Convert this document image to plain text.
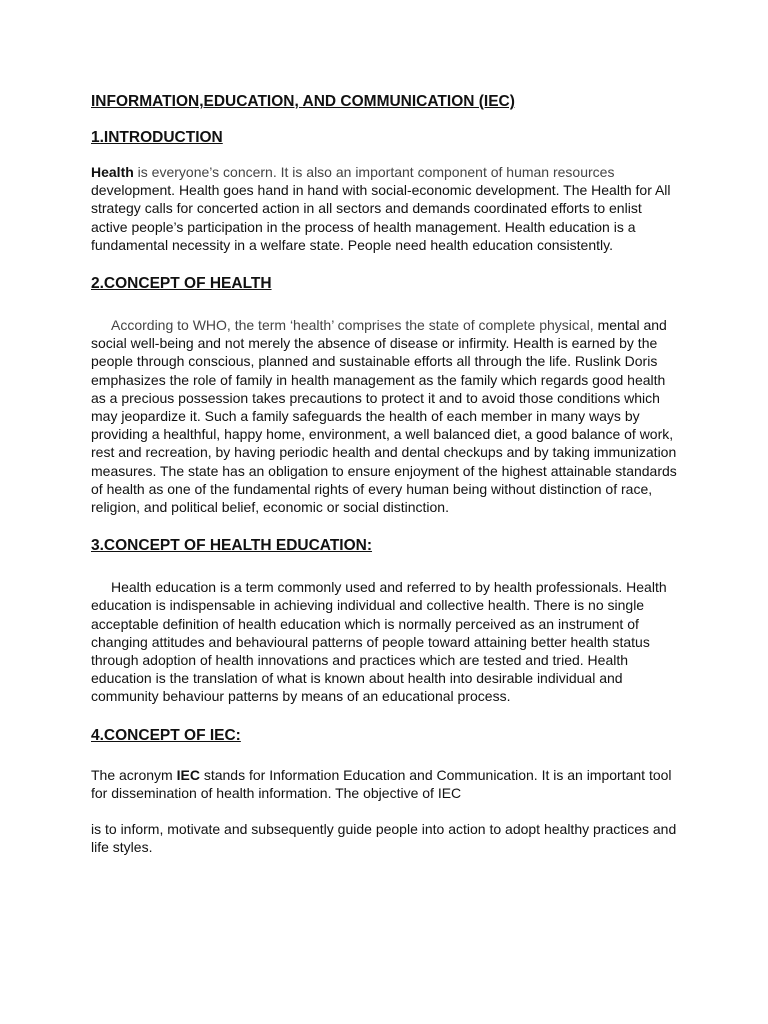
INFORMATION,EDUCATION, AND COMMUNICATION (IEC)
1.INTRODUCTION

Health is everyone’s concern. It is also an important component of human resources development. Health goes hand in hand with social-economic development. The Health for All strategy calls for concerted action in all sectors and demands coordinated efforts to enlist active people’s participation in the process of health management. Health education is a fundamental necessity in a welfare state. People need health education consistently.

2.CONCEPT OF HEALTH

According to WHO, the term ‘health’ comprises the state of complete physical, mental and social well-being and not merely the absence of disease or infirmity. Health is earned by the people through conscious, planned and sustainable efforts all through the life. Ruslink Doris emphasizes the role of family in health management as the family which regards good health as a precious possession takes precautions to protect it and to avoid those conditions which may jeopardize it. Such a family safeguards the health of each member in many ways by providing a healthful, happy home, environment, a well balanced diet, a good balance of work, rest and recreation, by having periodic health and dental checkups and by taking immunization measures. The state has an obligation to ensure enjoyment of the highest attainable standards of health as one of the fundamental rights of every human being without distinction of race, religion, and political belief, economic or social distinction.

3.CONCEPT OF HEALTH EDUCATION:

Health education is a term commonly used and referred to by health professionals. Health education is indispensable in achieving individual and collective health. There is no single acceptable definition of health education which is normally perceived as an instrument of changing attitudes and behavioural patterns of people toward attaining better health status through adoption of health innovations and practices which are tested and tried. Health education is the translation of what is known about health into desirable individual and community behaviour patterns by means of an educational process.

4.CONCEPT OF IEC:

The acronym IEC stands for Information Education and Communication. It is an important tool for dissemination of health information. The objective of IEC

is to inform, motivate and subsequently guide people into action to adopt healthy practices and life styles.
